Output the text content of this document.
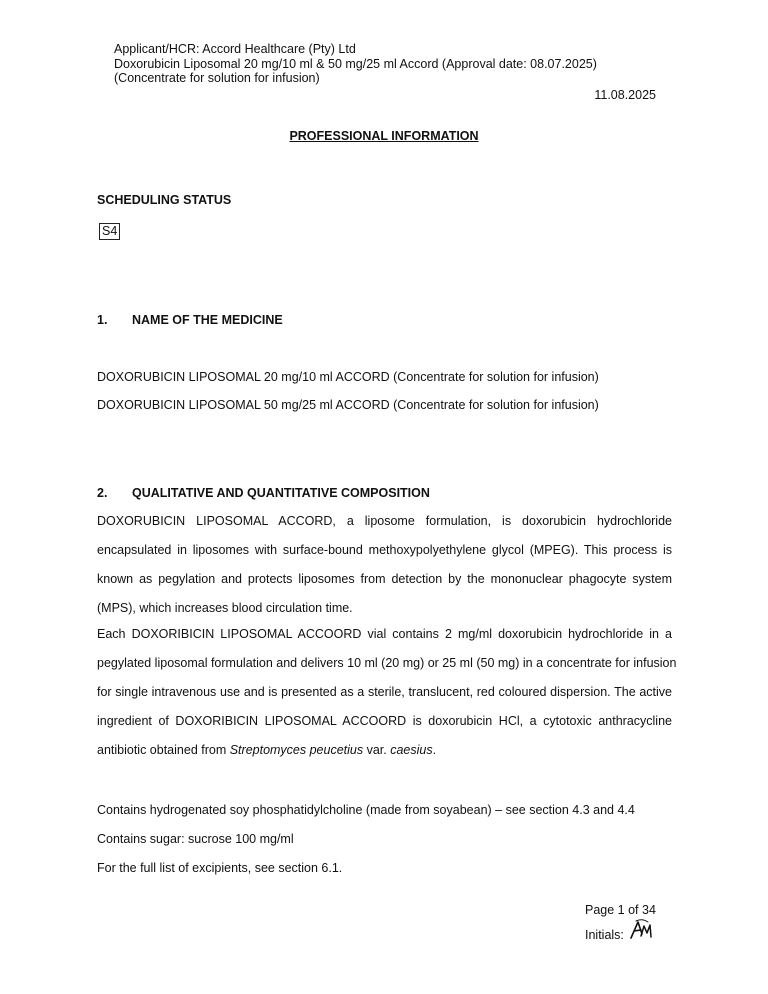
Applicant/HCR: Accord Healthcare (Pty) Ltd
Doxorubicin Liposomal 20 mg/10 ml & 50 mg/25 ml Accord (Approval date: 08.07.2025)
(Concentrate for solution for infusion)
11.08.2025
PROFESSIONAL INFORMATION
SCHEDULING STATUS
S4
1. NAME OF THE MEDICINE
DOXORUBICIN LIPOSOMAL 20 mg/10 ml ACCORD (Concentrate for solution for infusion)
DOXORUBICIN LIPOSOMAL 50 mg/25 ml ACCORD (Concentrate for solution for infusion)
2. QUALITATIVE AND QUANTITATIVE COMPOSITION
DOXORUBICIN LIPOSOMAL ACCORD, a liposome formulation, is doxorubicin hydrochloride
encapsulated in liposomes with surface-bound methoxypolyethylene glycol (MPEG). This process is
known as pegylation and protects liposomes from detection by the mononuclear phagocyte system
(MPS), which increases blood circulation time.
Each DOXORIBICIN LIPOSOMAL ACCOORD vial contains 2 mg/ml doxorubicin hydrochloride in a
pegylated liposomal formulation and delivers 10 ml (20 mg) or 25 ml (50 mg) in a concentrate for infusion
for single intravenous use and is presented as a sterile, translucent, red coloured dispersion. The active
ingredient of DOXORIBICIN LIPOSOMAL ACCOORD is doxorubicin HCl, a cytotoxic anthracycline
antibiotic obtained from Streptomyces peucetius var. caesius.
Contains hydrogenated soy phosphatidylcholine (made from soyabean) – see section 4.3 and 4.4
Contains sugar: sucrose 100 mg/ml
For the full list of excipients, see section 6.1.
Page 1 of 34
Initials:
